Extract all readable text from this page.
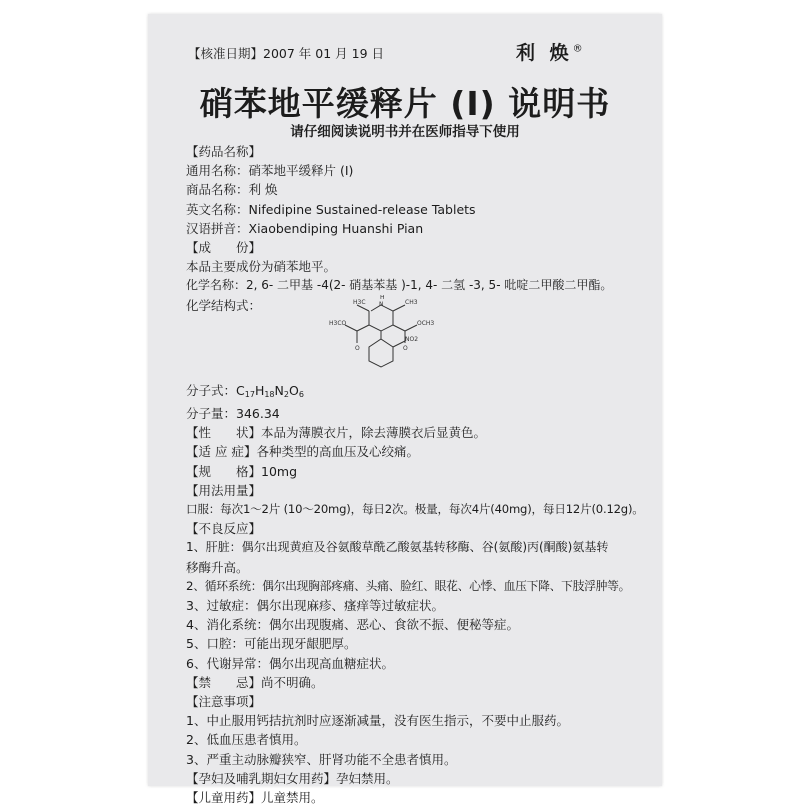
【核准日期】2007 年 01 月 19 日	利 焕®
硝苯地平缓释片 (I) 说明书
请仔细阅读说明书并在医师指导下使用
【药品名称】
通用名称：硝苯地平缓释片 (I)
商品名称：利 焕
英文名称：Nifedipine Sustained-release Tablets
汉语拼音：Xiaobendiping Huanshi Pian
【成　　份】
本品主要成份为硝苯地平。
化学名称：2, 6- 二甲基 -4(2- 硝基苯基 )-1, 4- 二氢 -3, 5- 吡啶二甲酸二甲酯。
化学结构式：	H3C
H
N	CH3
H3CO	OCH3
O	O
NO2
分子式：$C_{17}H_{18}N_2O_6$
分子量：346.34
【性　　状】本品为薄膜衣片，除去薄膜衣后显黄色。
【适 应 症】各种类型的高血压及心绞痛。
【规　　格】10mg
【用法用量】
口服：每次1～2片 (10～20mg)，每日2次。极量，每次4片(40mg)，每日12片(0.12g)。
【不良反应】
1、肝脏：偶尔出现黄疸及谷氨酸草酰乙酸氨基转移酶、谷(氨酸)丙(酮酸)氨基转
移酶升高。
2、循环系统：偶尔出现胸部疼痛、头痛、脸红、眼花、心悸、血压下降、下肢浮肿等。
3、过敏症：偶尔出现麻疹、瘙痒等过敏症状。
4、消化系统：偶尔出现腹痛、恶心、食欲不振、便秘等症。
5、口腔：可能出现牙龈肥厚。
6、代谢异常：偶尔出现高血糖症状。
【禁　　忌】尚不明确。
【注意事项】
1、中止服用钙拮抗剂时应逐渐减量，没有医生指示，不要中止服药。
2、低血压患者慎用。
3、严重主动脉瓣狭窄、肝肾功能不全患者慎用。
【孕妇及哺乳期妇女用药】孕妇禁用。
【儿童用药】儿童禁用。
